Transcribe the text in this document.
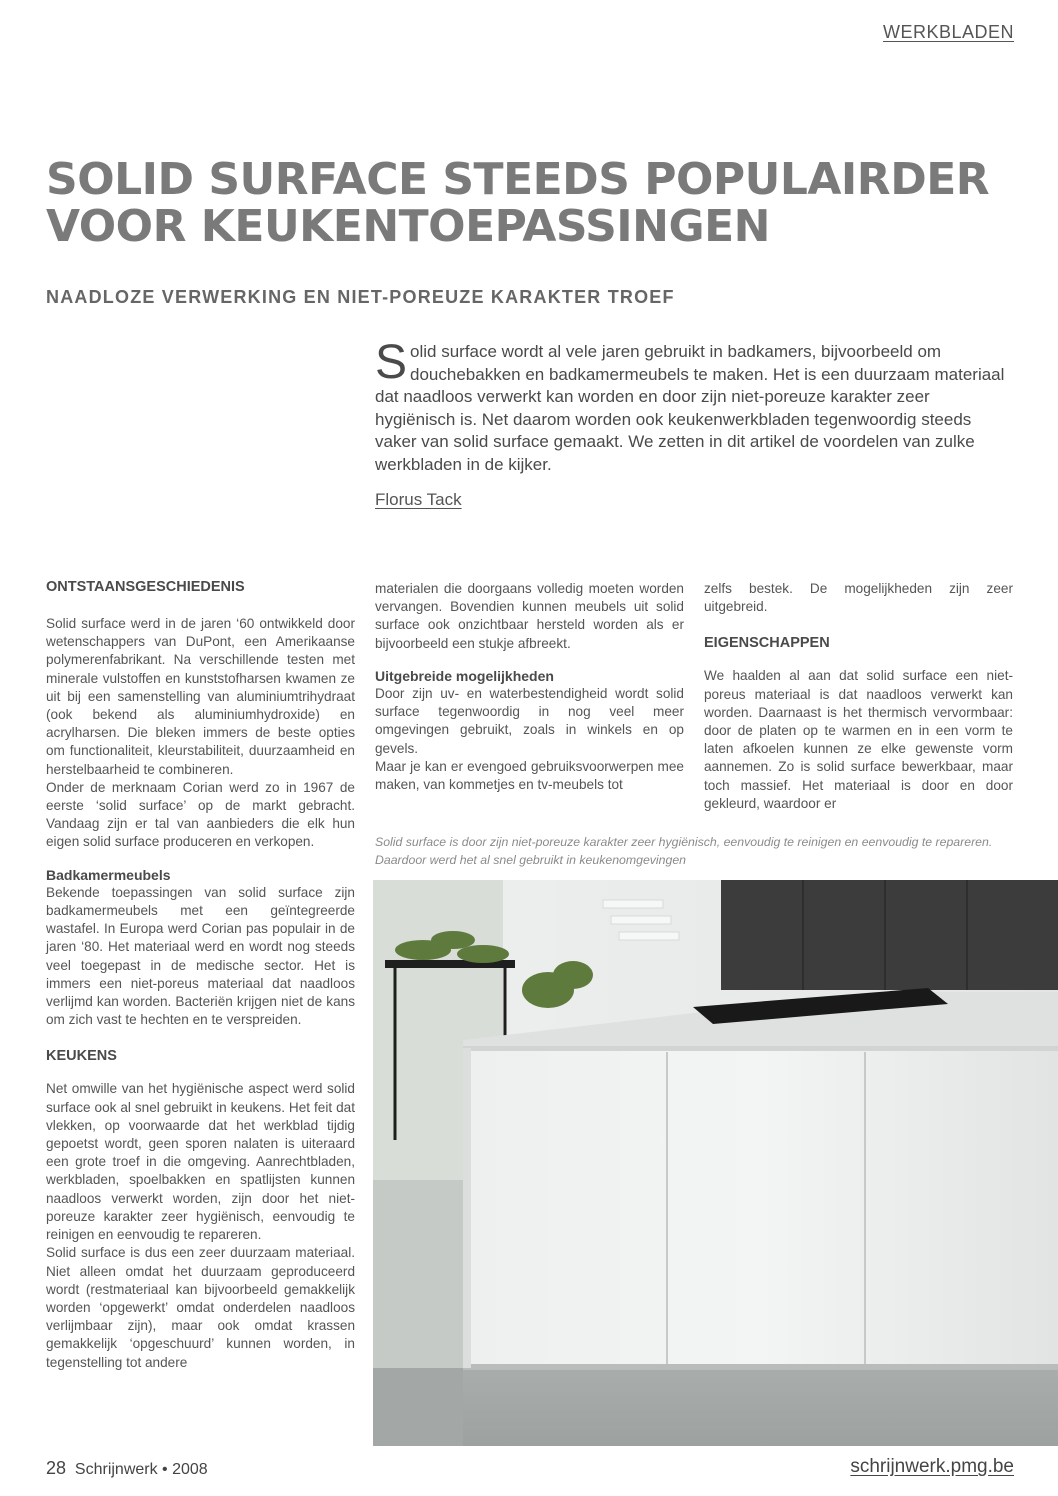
WERKBLADEN
SOLID SURFACE STEEDS POPULAIRDER VOOR KEUKENTOEPASSINGEN
NAADLOZE VERWERKING EN NIET-POREUZE KARAKTER TROEF

Solid surface wordt al vele jaren gebruikt in badkamers, bijvoorbeeld om douchebakken en badkamermeubels te maken. Het is een duurzaam materiaal dat naadloos verwerkt kan worden en door zijn niet-poreuze karakter zeer hygiënisch is. Net daarom worden ook keukenwerkbladen tegenwoordig steeds vaker van solid surface gemaakt. We zetten in dit artikel de voordelen van zulke werkbladen in de kijker.

Florus Tack
ONTSTAANSGESCHIEDENIS

Solid surface werd in de jaren ‘60 ontwikkeld door wetenschappers van DuPont, een Amerikaanse polymerenfabrikant. Na verschillende testen met minerale vulstoffen en kunststofharsen kwamen ze uit bij een samenstelling van aluminiumtrihydraat (ook bekend als aluminiumhydroxide) en acrylharsen. Die bleken immers de beste opties om functionaliteit, kleurstabiliteit, duurzaamheid en herstelbaarheid te combineren.

Onder de merknaam Corian werd zo in 1967 de eerste ‘solid surface’ op de markt gebracht. Vandaag zijn er tal van aanbieders die elk hun eigen solid surface produceren en verkopen.

Badkamermeubels

Bekende toepassingen van solid surface zijn badkamermeubels met een geïntegreerde wastafel. In Europa werd Corian pas populair in de jaren ‘80. Het materiaal werd en wordt nog steeds veel toegepast in de medische sector. Het is immers een niet-poreus materiaal dat naadloos verlijmd kan worden. Bacteriën krijgen niet de kans om zich vast te hechten en te verspreiden.

KEUKENS

Net omwille van het hygiënische aspect werd solid surface ook al snel gebruikt in keukens. Het feit dat vlekken, op voorwaarde dat het werkblad tijdig gepoetst wordt, geen sporen nalaten is uiteraard een grote troef in die omgeving. Aanrechtbladen, werkbladen, spoelbakken en spatlijsten kunnen naadloos verwerkt worden, zijn door het niet-poreuze karakter zeer hygiënisch, eenvoudig te reinigen en eenvoudig te repareren.

Solid surface is dus een zeer duurzaam materiaal. Niet alleen omdat het duurzaam geproduceerd wordt (restmateriaal kan bijvoorbeeld gemakkelijk worden ‘opgewerkt’ omdat onderdelen naadloos verlijmbaar zijn), maar ook omdat krassen gemakkelijk ‘opgeschuurd’ kunnen worden, in tegenstelling tot andere

materialen die doorgaans volledig moeten worden vervangen. Bovendien kunnen meubels uit solid surface ook onzichtbaar hersteld worden als er bijvoorbeeld een stukje afbreekt.

Uitgebreide mogelijkheden

Door zijn uv- en waterbestendigheid wordt solid surface tegenwoordig in nog veel meer omgevingen gebruikt, zoals in winkels en op gevels.

Maar je kan er evengoed gebruiksvoorwerpen mee maken, van kommetjes en tv-meubels tot

zelfs bestek. De mogelijkheden zijn zeer uitgebreid.

EIGENSCHAPPEN

We haalden al aan dat solid surface een niet-poreus materiaal is dat naadloos verwerkt kan worden. Daarnaast is het thermisch vervormbaar: door de platen op te warmen en in een vorm te laten afkoelen kunnen ze elke gewenste vorm aannemen. Zo is solid surface bewerkbaar, maar toch massief. Het materiaal is door en door gekleurd, waardoor er

Solid surface is door zijn niet-poreuze karakter zeer hygiënisch, eenvoudig te reinigen en eenvoudig te repareren. Daardoor werd het al snel gebruikt in keukenomgevingen

28 Schrijnwerk • 2008	schrijnwerk.pmg.be
